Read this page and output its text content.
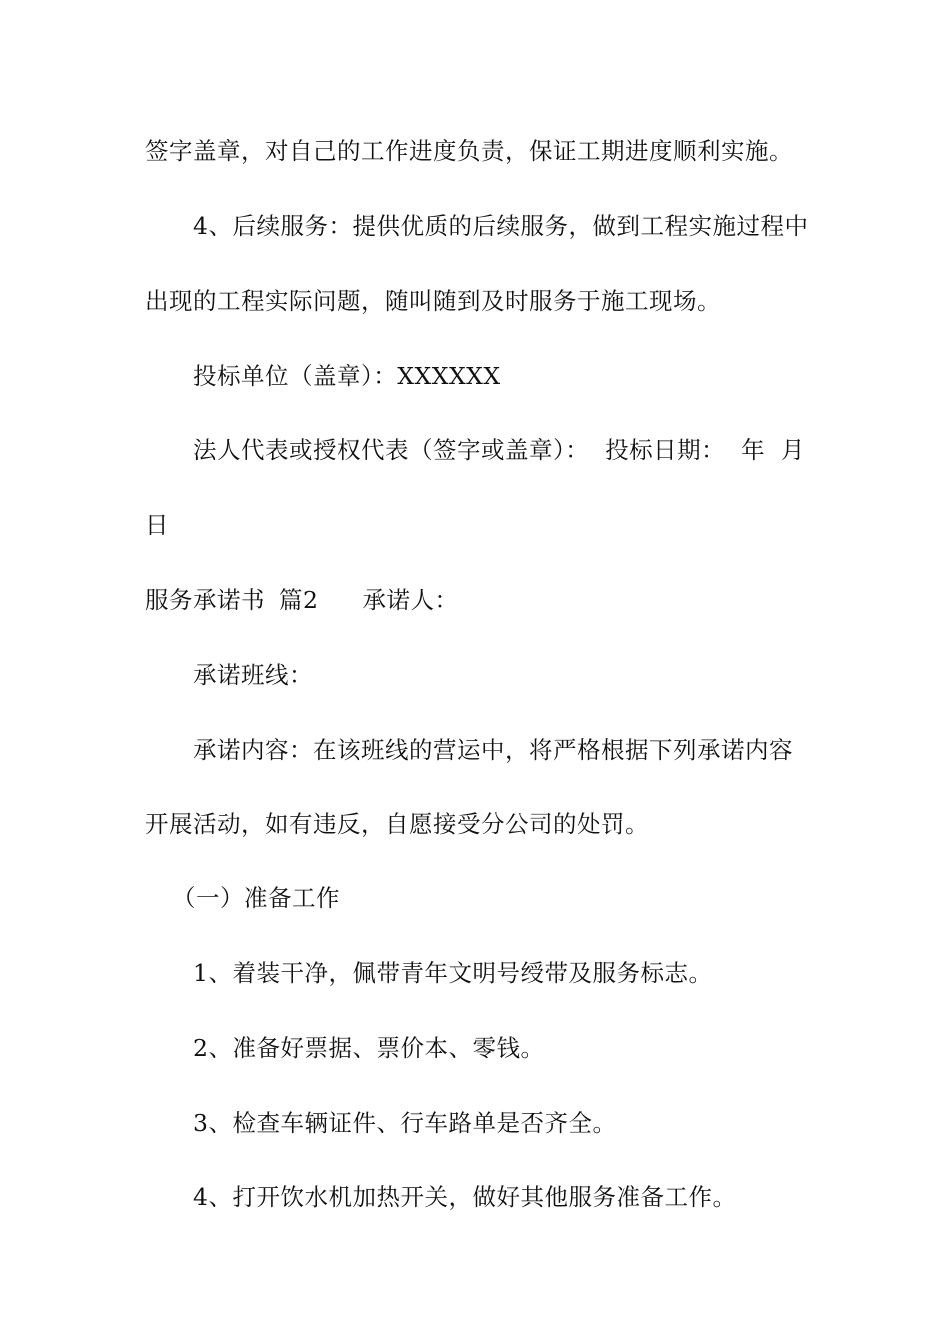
签字盖章，对自己的工作进度负责，保证工期进度顺利实施。
4、后续服务：提供优质的后续服务，做到工程实施过程中
出现的工程实际问题，随叫随到及时服务于施工现场。
投标单位（盖章）：XXXXXX
法人代表或授权代表（签字或盖章）： 投标日期： 年 月
日
服务承诺书 篇2 承诺人：
承诺班线：
承诺内容：在该班线的营运中，将严格根据下列承诺内容
开展活动，如有违反，自愿接受分公司的处罚。
（一）准备工作
1、着装干净，佩带青年文明号绶带及服务标志。
2、准备好票据、票价本、零钱。
3、检查车辆证件、行车路单是否齐全。
4、打开饮水机加热开关，做好其他服务准备工作。
